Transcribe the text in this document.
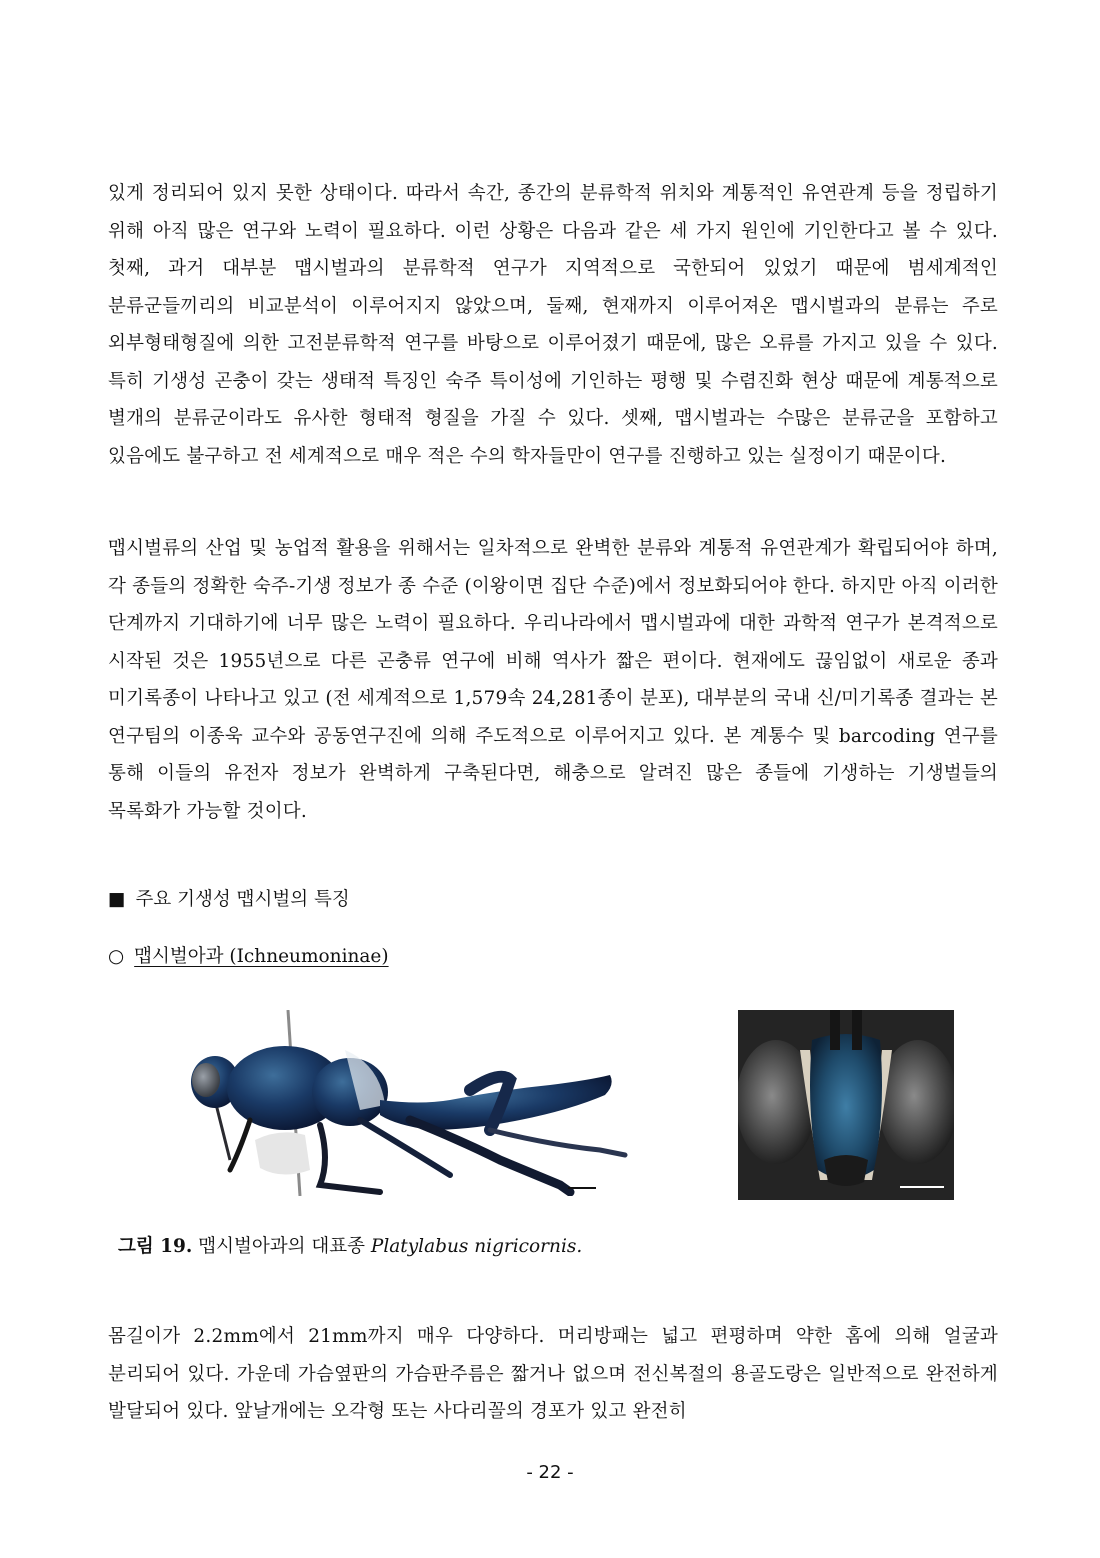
있게 정리되어 있지 못한 상태이다. 따라서 속간, 종간의 분류학적 위치와 계통적인 유연관계 등을 정립하기 위해 아직 많은 연구와 노력이 필요하다. 이런 상황은 다음과 같은 세 가지 원인에 기인한다고 볼 수 있다. 첫째, 과거 대부분 맵시벌과의 분류학적 연구가 지역적으로 국한되어 있었기 때문에 범세계적인 분류군들끼리의 비교분석이 이루어지지 않았으며, 둘째, 현재까지 이루어져온 맵시벌과의 분류는 주로 외부형태형질에 의한 고전분류학적 연구를 바탕으로 이루어졌기 때문에, 많은 오류를 가지고 있을 수 있다. 특히 기생성 곤충이 갖는 생태적 특징인 숙주 특이성에 기인하는 평행 및 수렴진화 현상 때문에 계통적으로 별개의 분류군이라도 유사한 형태적 형질을 가질 수 있다. 셋째, 맵시벌과는 수많은 분류군을 포함하고 있음에도 불구하고 전 세계적으로 매우 적은 수의 학자들만이 연구를 진행하고 있는 실정이기 때문이다.

맵시벌류의 산업 및 농업적 활용을 위해서는 일차적으로 완벽한 분류와 계통적 유연관계가 확립되어야 하며, 각 종들의 정확한 숙주-기생 정보가 종 수준 (이왕이면 집단 수준)에서 정보화되어야 한다. 하지만 아직 이러한 단계까지 기대하기에 너무 많은 노력이 필요하다. 우리나라에서 맵시벌과에 대한 과학적 연구가 본격적으로 시작된 것은 1955년으로 다른 곤충류 연구에 비해 역사가 짧은 편이다. 현재에도 끊임없이 새로운 종과 미기록종이 나타나고 있고 (전 세계적으로 1,579속 24,281종이 분포), 대부분의 국내 신/미기록종 결과는 본 연구팀의 이종욱 교수와 공동연구진에 의해 주도적으로 이루어지고 있다. 본 계통수 및 barcoding 연구를 통해 이들의 유전자 정보가 완벽하게 구축된다면, 해충으로 알려진 많은 종들에 기생하는 기생벌들의 목록화가 가능할 것이다.

■ 주요 기생성 맵시벌의 특징
○ 맵시벌아과 (Ichneumoninae)
그림 19. 맵시벌아과의 대표종 Platylabus nigricornis.

몸길이가 2.2mm에서 21mm까지 매우 다양하다. 머리방패는 넓고 편평하며 약한 홈에 의해 얼굴과 분리되어 있다. 가운데 가슴옆판의 가슴판주름은 짧거나 없으며 전신복절의 용골도랑은 일반적으로 완전하게 발달되어 있다. 앞날개에는 오각형 또는 사다리꼴의 경포가 있고 완전히

- 22 -
